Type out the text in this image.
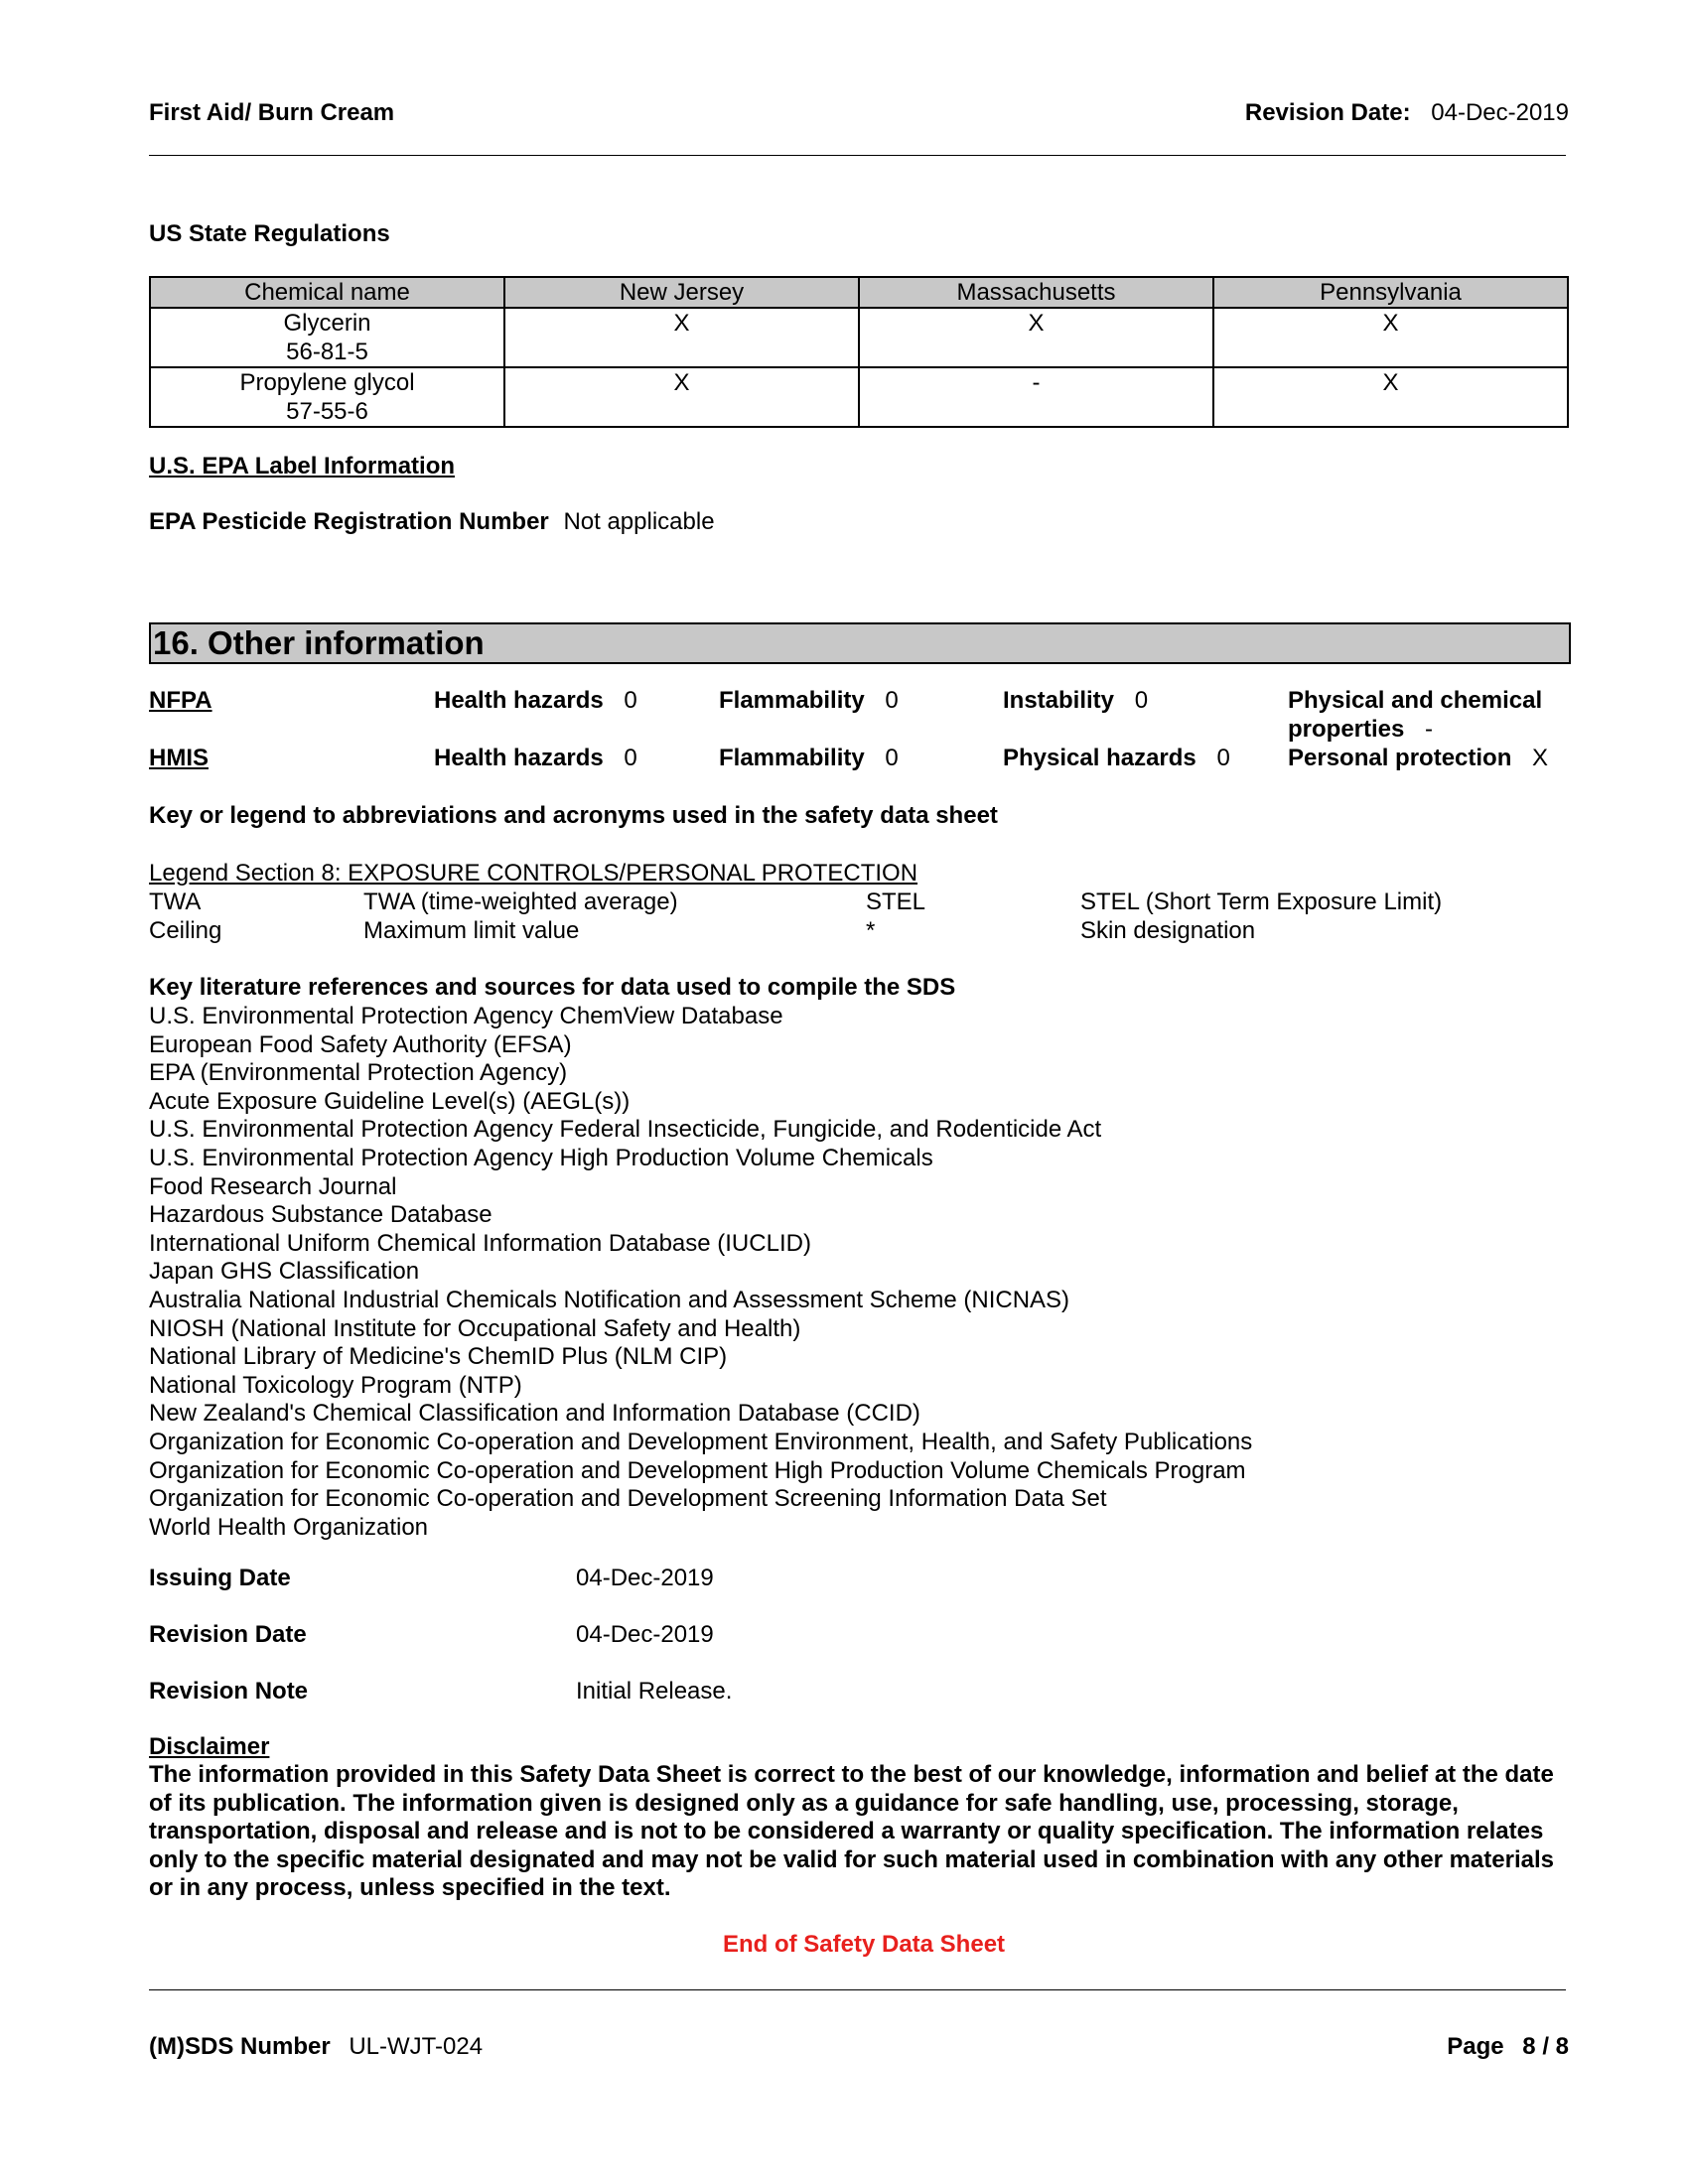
First Aid/ Burn Cream	Revision Date: 04-Dec-2019
US State Regulations
Chemical name	New Jersey	Massachusetts	Pennsylvania

Glycerin
56-81-5	X	X	X

Propylene glycol
57-55-6	X	-	X
U.S. EPA Label Information
EPA Pesticide Registration Number Not applicable
16. Other information
NFPA	Health hazards 0	Flammability 0	Instability 0	Physical and chemical
properties -
HMIS	Health hazards 0	Flammability 0	Physical hazards 0 Personal protection X
Key or legend to abbreviations and acronyms used in the safety data sheet
Legend Section 8: EXPOSURE CONTROLS/PERSONAL PROTECTION
TWA	TWA (time-weighted average)	STEL	STEL (Short Term Exposure Limit)
Ceiling	Maximum limit value	*	Skin designation
Key literature references and sources for data used to compile the SDS
U.S. Environmental Protection Agency ChemView Database
European Food Safety Authority (EFSA)
EPA (Environmental Protection Agency)
Acute Exposure Guideline Level(s) (AEGL(s))
U.S. Environmental Protection Agency Federal Insecticide, Fungicide, and Rodenticide Act
U.S. Environmental Protection Agency High Production Volume Chemicals
Food Research Journal
Hazardous Substance Database
International Uniform Chemical Information Database (IUCLID)
Japan GHS Classification
Australia National Industrial Chemicals Notification and Assessment Scheme (NICNAS)
NIOSH (National Institute for Occupational Safety and Health)
National Library of Medicine's ChemID Plus (NLM CIP)
National Toxicology Program (NTP)
New Zealand's Chemical Classification and Information Database (CCID)
Organization for Economic Co-operation and Development Environment, Health, and Safety Publications
Organization for Economic Co-operation and Development High Production Volume Chemicals Program
Organization for Economic Co-operation and Development Screening Information Data Set
World Health Organization
Issuing Date	04-Dec-2019
Revision Date	04-Dec-2019
Revision Note	Initial Release.
Disclaimer
The information provided in this Safety Data Sheet is correct to the best of our knowledge, information and belief at the date of its publication. The information given is designed only as a guidance for safe handling, use, processing, storage, transportation, disposal and release and is not to be considered a warranty or quality specification. The information relates only to the specific material designated and may not be valid for such material used in combination with any other materials or in any process, unless specified in the text.
End of Safety Data Sheet
(M)SDS Number UL-WJT-024	Page 8 / 8
